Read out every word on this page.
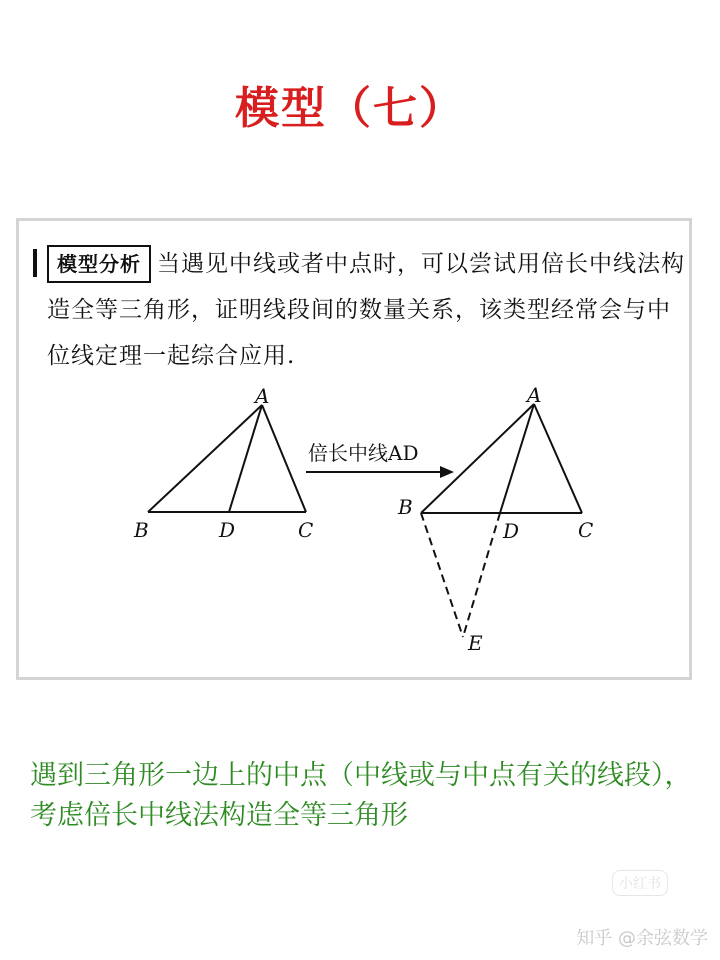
模型（七）
模型分析 当遇见中线或者中点时，可以尝试用倍长中线法构造全等三角形，证明线段间的数量关系，该类型经常会与中位线定理一起综合应用.
A
B	D	C
倍长中线AD
A
B
D	C
E
遇到三角形一边上的中点（中线或与中点有关的线段），考虑倍长中线法构造全等三角形
小红书
知乎 @余弦数学
